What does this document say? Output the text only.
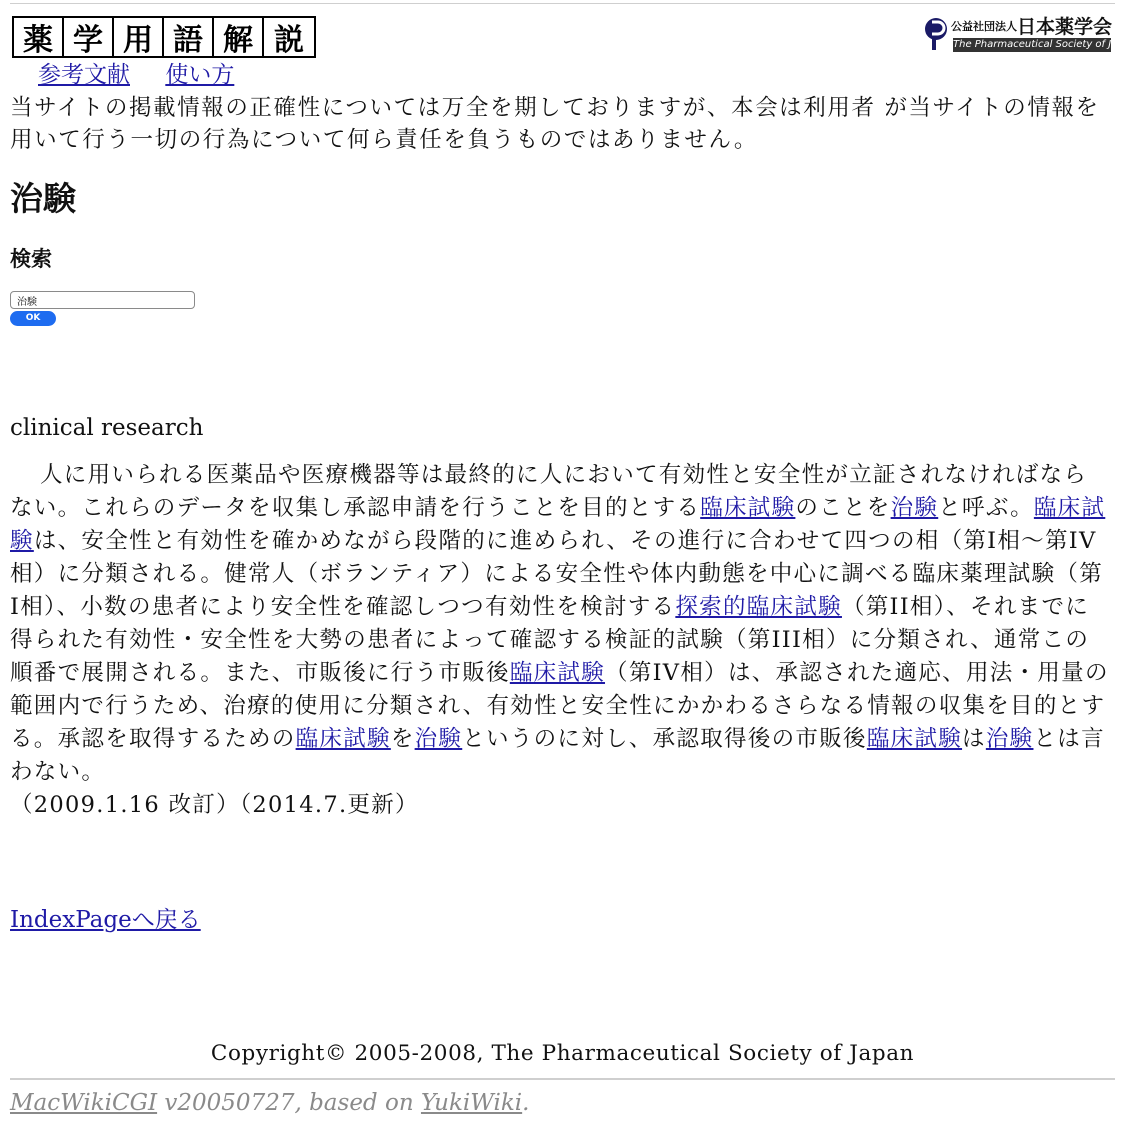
薬 学 用 語 解 説	公益社団法人日本薬学会
The Pharmaceutical Society of Japan
参考文献 使い方

当サイトの掲載情報の正確性については万全を期しておりますが、本会は利用者 が当サイトの情報を用いて行う一切の行為について何ら責任を負うものではありません。

治験
検索
治験
OK

clinical research

人に用いられる医薬品や医療機器等は最終的に人において有効性と安全性が立証されなければならない。これらのデータを収集し承認申請を行うことを目的とする臨床試験のことを治験と呼ぶ。臨床試験は、安全性と有効性を確かめながら段階的に進められ、その進行に合わせて四つの相（第I相〜第IV相）に分類される。健常人（ボランティア）による安全性や体内動態を中心に調べる臨床薬理試験（第I相）、小数の患者により安全性を確認しつつ有効性を検討する探索的臨床試験（第II相）、それまでに得られた有効性・安全性を大勢の患者によって確認する検証的試験（第III相）に分類され、通常この順番で展開される。また、市販後に行う市販後臨床試験（第IV相）は、承認された適応、用法・用量の範囲内で行うため、治療的使用に分類され、有効性と安全性にかかわるさらなる情報の収集を目的とする。承認を取得するための臨床試験を治験というのに対し、承認取得後の市販後臨床試験は治験とは言わない。
（2009.1.16 改訂）（2014.7.更新）

IndexPageへ戻る
Copyright© 2005-2008, The Pharmaceutical Society of Japan
MacWikiCGI v20050727, based on YukiWiki.
